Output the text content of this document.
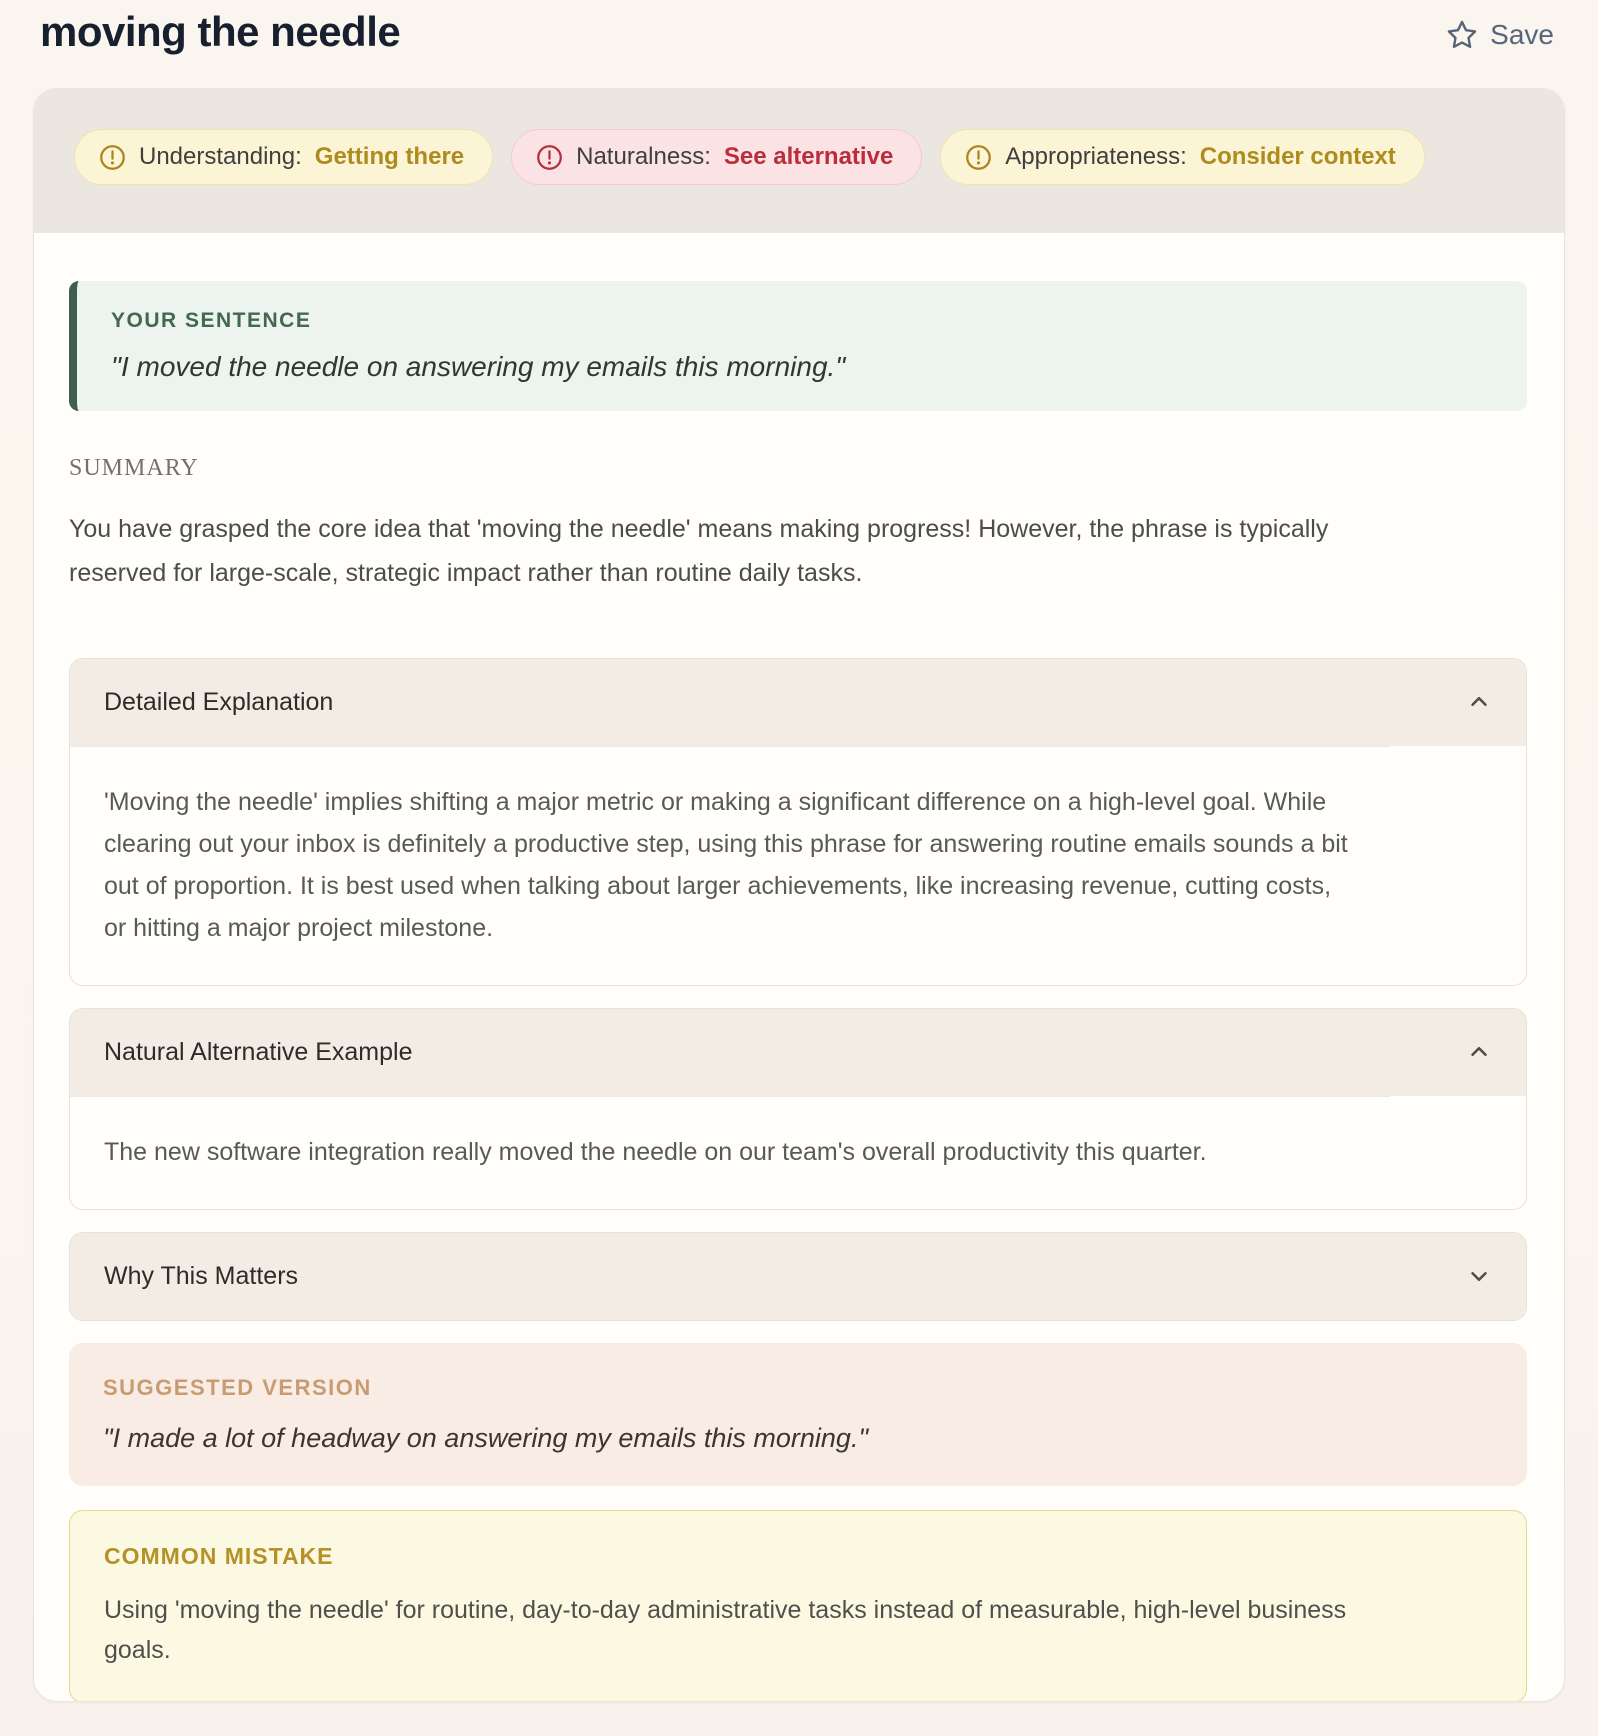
moving the needle	Save
Understanding: Getting there	Naturalness: See alternative	Appropriateness: Consider context
YOUR SENTENCE
"I moved the needle on answering my emails this morning."
SUMMARY
You have grasped the core idea that 'moving the needle' means making progress! However, the phrase is typically reserved for large-scale, strategic impact rather than routine daily tasks.
Detailed Explanation
'Moving the needle' implies shifting a major metric or making a significant difference on a high-level goal. While clearing out your inbox is definitely a productive step, using this phrase for answering routine emails sounds a bit out of proportion. It is best used when talking about larger achievements, like increasing revenue, cutting costs, or hitting a major project milestone.
Natural Alternative Example
The new software integration really moved the needle on our team's overall productivity this quarter.
Why This Matters
SUGGESTED VERSION
"I made a lot of headway on answering my emails this morning."
COMMON MISTAKE
Using 'moving the needle' for routine, day-to-day administrative tasks instead of measurable, high-level business goals.
